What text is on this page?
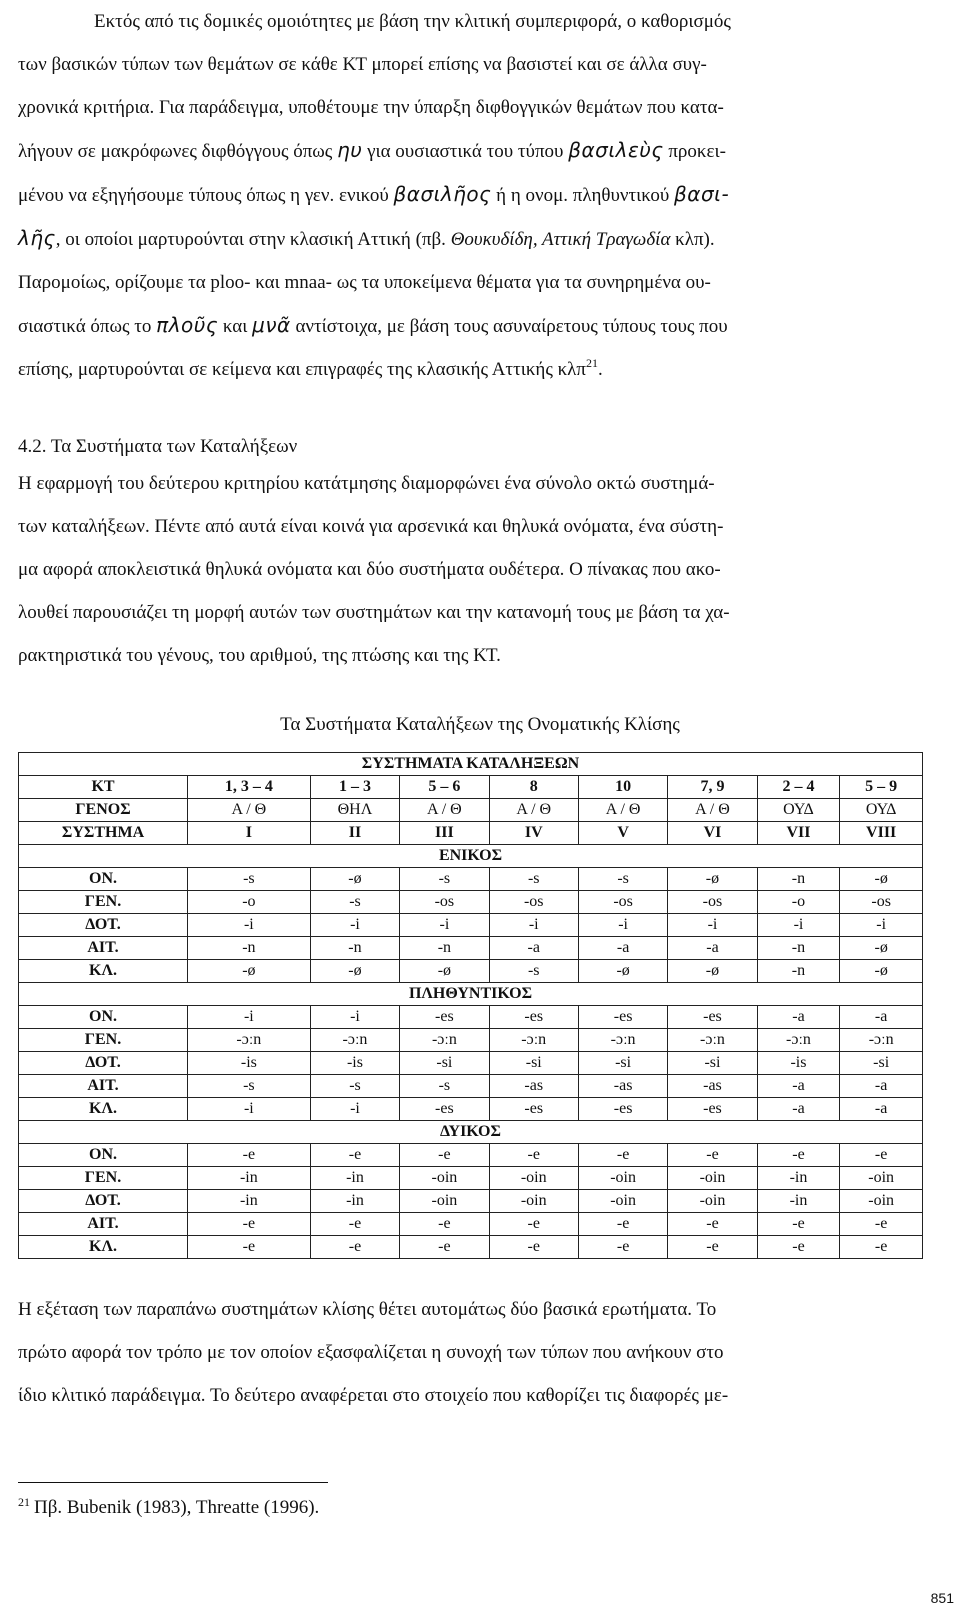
Εκτός από τις δομικές ομοιότητες με βάση την κλιτική συμπεριφορά, ο καθορισμός
των βασικών τύπων των θεμάτων σε κάθε ΚΤ μπορεί επίσης να βασιστεί και σε άλλα συγ-
χρονικά κριτήρια. Για παράδειγμα, υποθέτουμε την ύπαρξη διφθογγικών θεμάτων που κατα-
λήγουν σε μακρόφωνες διφθόγγους όπως ηυ για ουσιαστικά του τύπου βασιλεὺς προκει-
μένου να εξηγήσουμε τύπους όπως η γεν. ενικού βασιλῆος ή η ονομ. πληθυντικού βασι-
λῆς, οι οποίοι μαρτυρούνται στην κλασική Αττική (πβ. Θουκυδίδη, Αττική Τραγωδία κλπ).
Παρομοίως, ορίζουμε τα ploo- και mnaa- ως τα υποκείμενα θέματα για τα συνηρημένα ου-
σιαστικά όπως το πλοῦς και μνᾶ αντίστοιχα, με βάση τους ασυναίρετους τύπους τους που
επίσης, μαρτυρούνται σε κείμενα και επιγραφές της κλασικής Αττικής κλπ$^{21}$.
4.2. Τα Συστήματα των Καταλήξεων
Η εφαρμογή του δεύτερου κριτηρίου κατάτμησης διαμορφώνει ένα σύνολο οκτώ συστημά-
των καταλήξεων. Πέντε από αυτά είναι κοινά για αρσενικά και θηλυκά ονόματα, ένα σύστη-
μα αφορά αποκλειστικά θηλυκά ονόματα και δύο συστήματα ουδέτερα. Ο πίνακας που ακο-
λουθεί παρουσιάζει τη μορφή αυτών των συστημάτων και την κατανομή τους με βάση τα χα-
ρακτηριστικά του γένους, του αριθμού, της πτώσης και της ΚΤ.
Τα Συστήματα Καταλήξεων της Ονοματικής Κλίσης
ΣΥΣΤΗΜΑΤΑ ΚΑΤΑΛΗΞΕΩΝ								
ΚΤ	1, 3 – 4	1 – 3	5 – 6	8	10	7, 9	2 – 4	5 – 9
ΓΕΝΟΣ	Α / Θ	ΘΗΛ	Α / Θ	Α / Θ	Α / Θ	Α / Θ	ΟΥΔ	ΟΥΔ
ΣΥΣΤΗΜΑ	I	II	III	IV	V	VI	VII	VIII
ΕΝΙΚΟΣ								
ΟΝ.	-s	-ø	-s	-s	-s	-ø	-n	-ø
ΓΕΝ.	-o	-s	-os	-os	-os	-os	-o	-os
ΔΟΤ.	-i	-i	-i	-i	-i	-i	-i	-i
ΑΙΤ.	-n	-n	-n	-a	-a	-a	-n	-ø
ΚΛ.	-ø	-ø	-ø	-s	-ø	-ø	-n	-ø
ΠΛΗΘΥΝΤΙΚΟΣ								
ΟΝ.	-i	-i	-es	-es	-es	-es	-a	-a
ΓΕΝ.	-ɔːn	-ɔːn	-ɔːn	-ɔːn	-ɔːn	-ɔːn	-ɔːn	-ɔːn
ΔΟΤ.	-is	-is	-si	-si	-si	-si	-is	-si
ΑΙΤ.	-s	-s	-s	-as	-as	-as	-a	-a
ΚΛ.	-i	-i	-es	-es	-es	-es	-a	-a
ΔΥΙΚΟΣ								
ΟΝ.	-e	-e	-e	-e	-e	-e	-e	-e
ΓΕΝ.	-in	-in	-oin	-oin	-oin	-oin	-in	-oin
ΔΟΤ.	-in	-in	-oin	-oin	-oin	-oin	-in	-oin
ΑΙΤ.	-e	-e	-e	-e	-e	-e	-e	-e
ΚΛ.	-e	-e	-e	-e	-e	-e	-e	-e
Η εξέταση των παραπάνω συστημάτων κλίσης θέτει αυτομάτως δύο βασικά ερωτήματα. Το
πρώτο αφορά τον τρόπο με τον οποίον εξασφαλίζεται η συνοχή των τύπων που ανήκουν στο
ίδιο κλιτικό παράδειγμα. Το δεύτερο αναφέρεται στο στοιχείο που καθορίζει τις διαφορές με-
$^{21}$ Πβ. Bubenik (1983), Threatte (1996).
851
